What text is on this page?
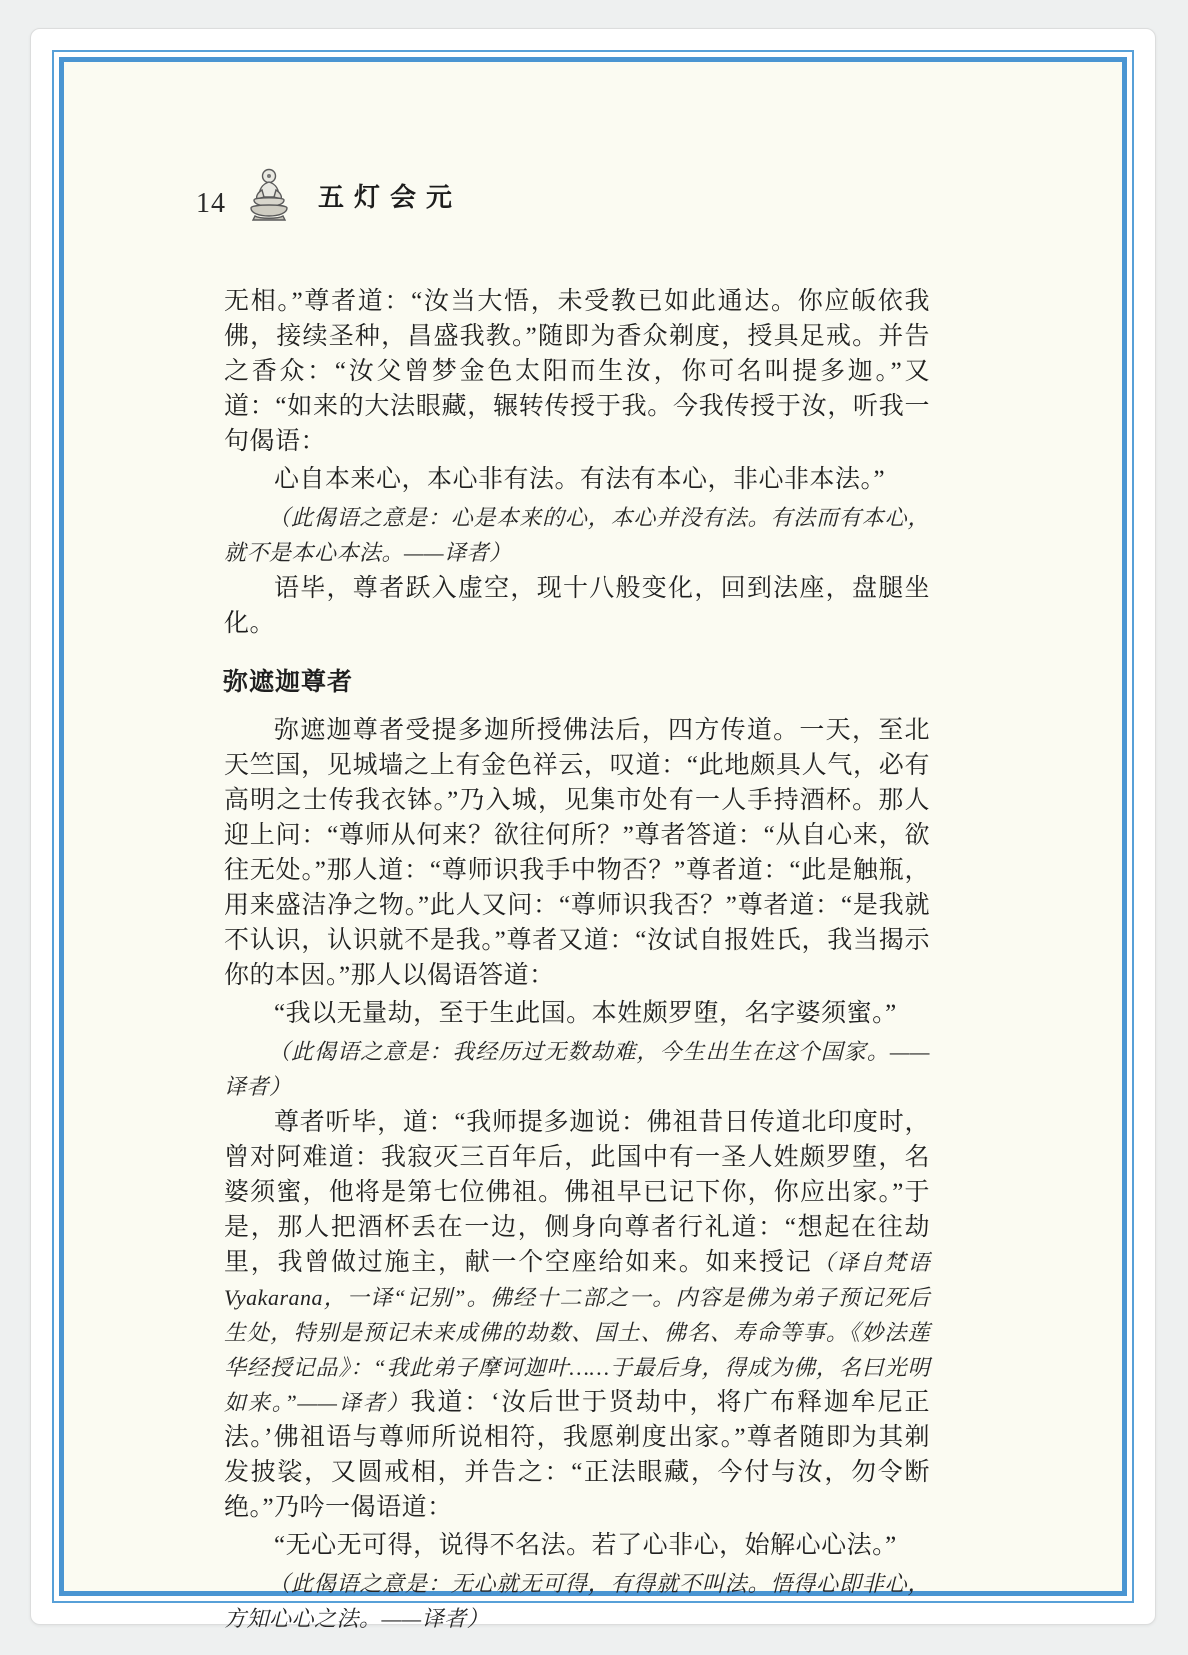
14	五灯会元

无相。”尊者道：“汝当大悟，未受教已如此通达。你应皈依我佛，接续圣种，昌盛我教。”随即为香众剃度，授具足戒。并告之香众：“汝父曾梦金色太阳而生汝，你可名叫提多迦。”又道：“如来的大法眼藏，辗转传授于我。今我传授于汝，听我一句偈语：

心自本来心，本心非有法。有法有本心，非心非本法。”

（此偈语之意是：心是本来的心，本心并没有法。有法而有本心，就不是本心本法。——译者）

语毕，尊者跃入虚空，现十八般变化，回到法座，盘腿坐化。

弥遮迦尊者

弥遮迦尊者受提多迦所授佛法后，四方传道。一天，至北天竺国，见城墙之上有金色祥云，叹道：“此地颇具人气，必有高明之士传我衣钵。”乃入城，见集市处有一人手持酒杯。那人迎上问：“尊师从何来？欲往何所？”尊者答道：“从自心来，欲往无处。”那人道：“尊师识我手中物否？”尊者道：“此是触瓶，用来盛洁净之物。”此人又问：“尊师识我否？”尊者道：“是我就不认识，认识就不是我。”尊者又道：“汝试自报姓氏，我当揭示你的本因。”那人以偈语答道：

“我以无量劫，至于生此国。本姓颇罗堕，名字婆须蜜。”

（此偈语之意是：我经历过无数劫难，今生出生在这个国家。——译者）

尊者听毕，道：“我师提多迦说：佛祖昔日传道北印度时，曾对阿难道：我寂灭三百年后，此国中有一圣人姓颇罗堕，名婆须蜜，他将是第七位佛祖。佛祖早已记下你，你应出家。”于是，那人把酒杯丢在一边，侧身向尊者行礼道：“想起在往劫里，我曾做过施主，献一个空座给如来。如来授记（译自梵语 Vyakarana，一译“记别”。佛经十二部之一。内容是佛为弟子预记死后生处，特别是预记未来成佛的劫数、国土、佛名、寿命等事。《妙法莲华经授记品》：“我此弟子摩诃迦叶……于最后身，得成为佛，名曰光明如来。”——译者）我道：‘汝后世于贤劫中，将广布释迦牟尼正法。’佛祖语与尊师所说相符，我愿剃度出家。”尊者随即为其剃发披裟，又圆戒相，并告之：“正法眼藏，今付与汝，勿令断绝。”乃吟一偈语道：

“无心无可得，说得不名法。若了心非心，始解心心法。”

（此偈语之意是：无心就无可得，有得就不叫法。悟得心即非心，方知心心之法。——译者）
